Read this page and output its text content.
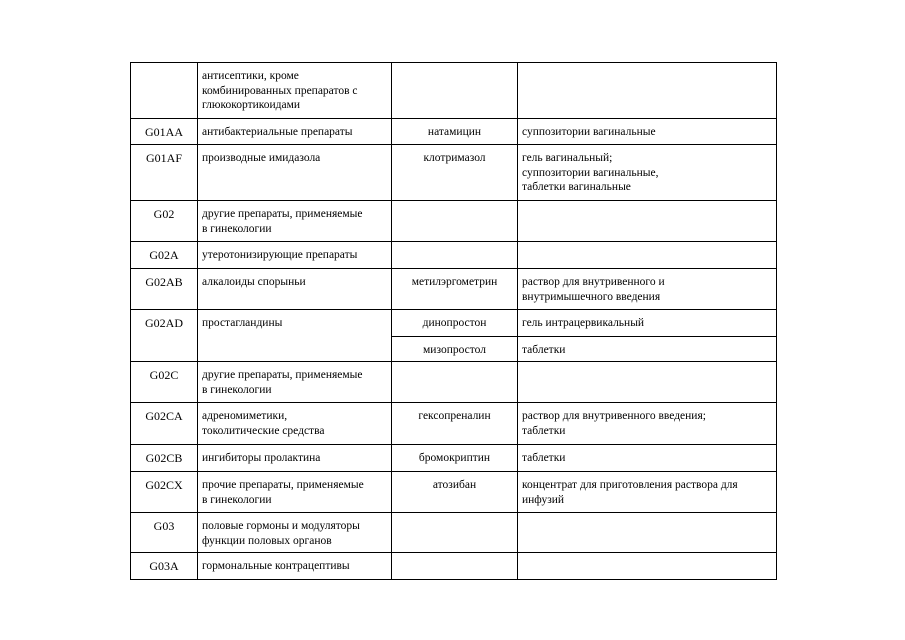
	антисептики, кроме
комбинированных препаратов с
глюкокортикоидами		

G01AA	антибактериальные препараты	натамицин	суппозитории вагинальные

G01AF	производные имидазола	клотримазол	гель вагинальный;
суппозитории вагинальные,
таблетки вагинальные

G02	другие препараты, применяемые
в гинекологии		

G02A	утеротонизирующие препараты		

G02AB	алкалоиды спорыньи	метилэргометрин	раствор для внутривенного и
внутримышечного введения

G02AD	простагландины	динопростон	гель интрацервикальный

		мизопростол	таблетки

G02C	другие препараты, применяемые
в гинекологии		

G02CA	адреномиметики,
токолитические средства	гексопреналин	раствор для внутривенного введения;
таблетки

G02CB	ингибиторы пролактина	бромокриптин	таблетки

G02CX	прочие препараты, применяемые
в гинекологии	атозибан	концентрат для приготовления раствора для
инфузий

G03	половые гормоны и модуляторы
функции половых органов		

G03A	гормональные контрацептивы		
